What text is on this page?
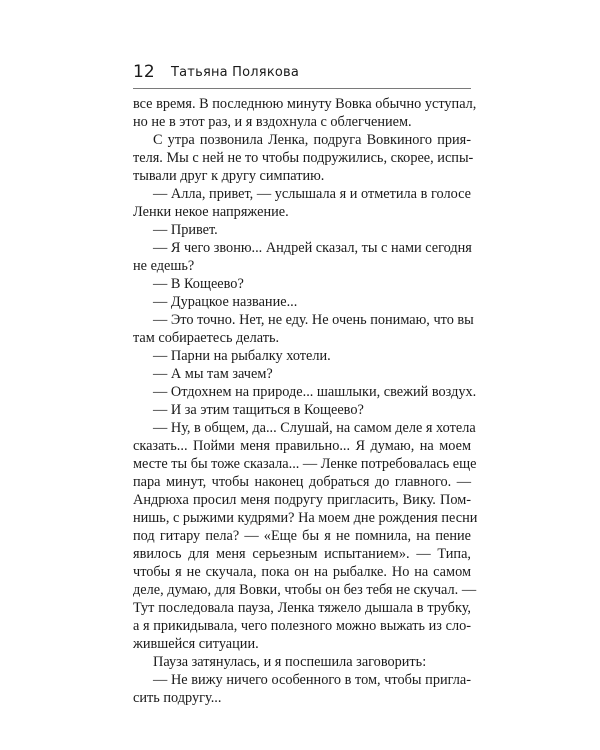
12 Татьяна Полякова
все время. В последнюю минуту Вовка обычно уступал,
но не в этот раз, и я вздохнула с облегчением.
С утра позвонила Ленка, подруга Вовкиного прия-
теля. Мы с ней не то чтобы подружились, скорее, испы-
тывали друг к другу симпатию.
— Алла, привет, — услышала я и отметила в голосе
Ленки некое напряжение.
— Привет.
— Я чего звоню... Андрей сказал, ты с нами сегодня
не едешь?
— В Кощеево?
— Дурацкое название...
— Это точно. Нет, не еду. Не очень понимаю, что вы
там собираетесь делать.
— Парни на рыбалку хотели.
— А мы там зачем?
— Отдохнем на природе... шашлыки, свежий воздух.
— И за этим тащиться в Кощеево?
— Ну, в общем, да... Слушай, на самом деле я хотела
сказать... Пойми меня правильно... Я думаю, на моем
месте ты бы тоже сказала... — Ленке потребовалась еще
пара минут, чтобы наконец добраться до главного. —
Андрюха просил меня подругу пригласить, Вику. Пом-
нишь, с рыжими кудрями? На моем дне рождения песни
под гитару пела? — «Еще бы я не помнила, на пение
явилось для меня серьезным испытанием». — Типа,
чтобы я не скучала, пока он на рыбалке. Но на самом
деле, думаю, для Вовки, чтобы он без тебя не скучал. —
Тут последовала пауза, Ленка тяжело дышала в трубку,
а я прикидывала, чего полезного можно выжать из сло-
жившейся ситуации.
Пауза затянулась, и я поспешила заговорить:
— Не вижу ничего особенного в том, чтобы пригла-
сить подругу...
